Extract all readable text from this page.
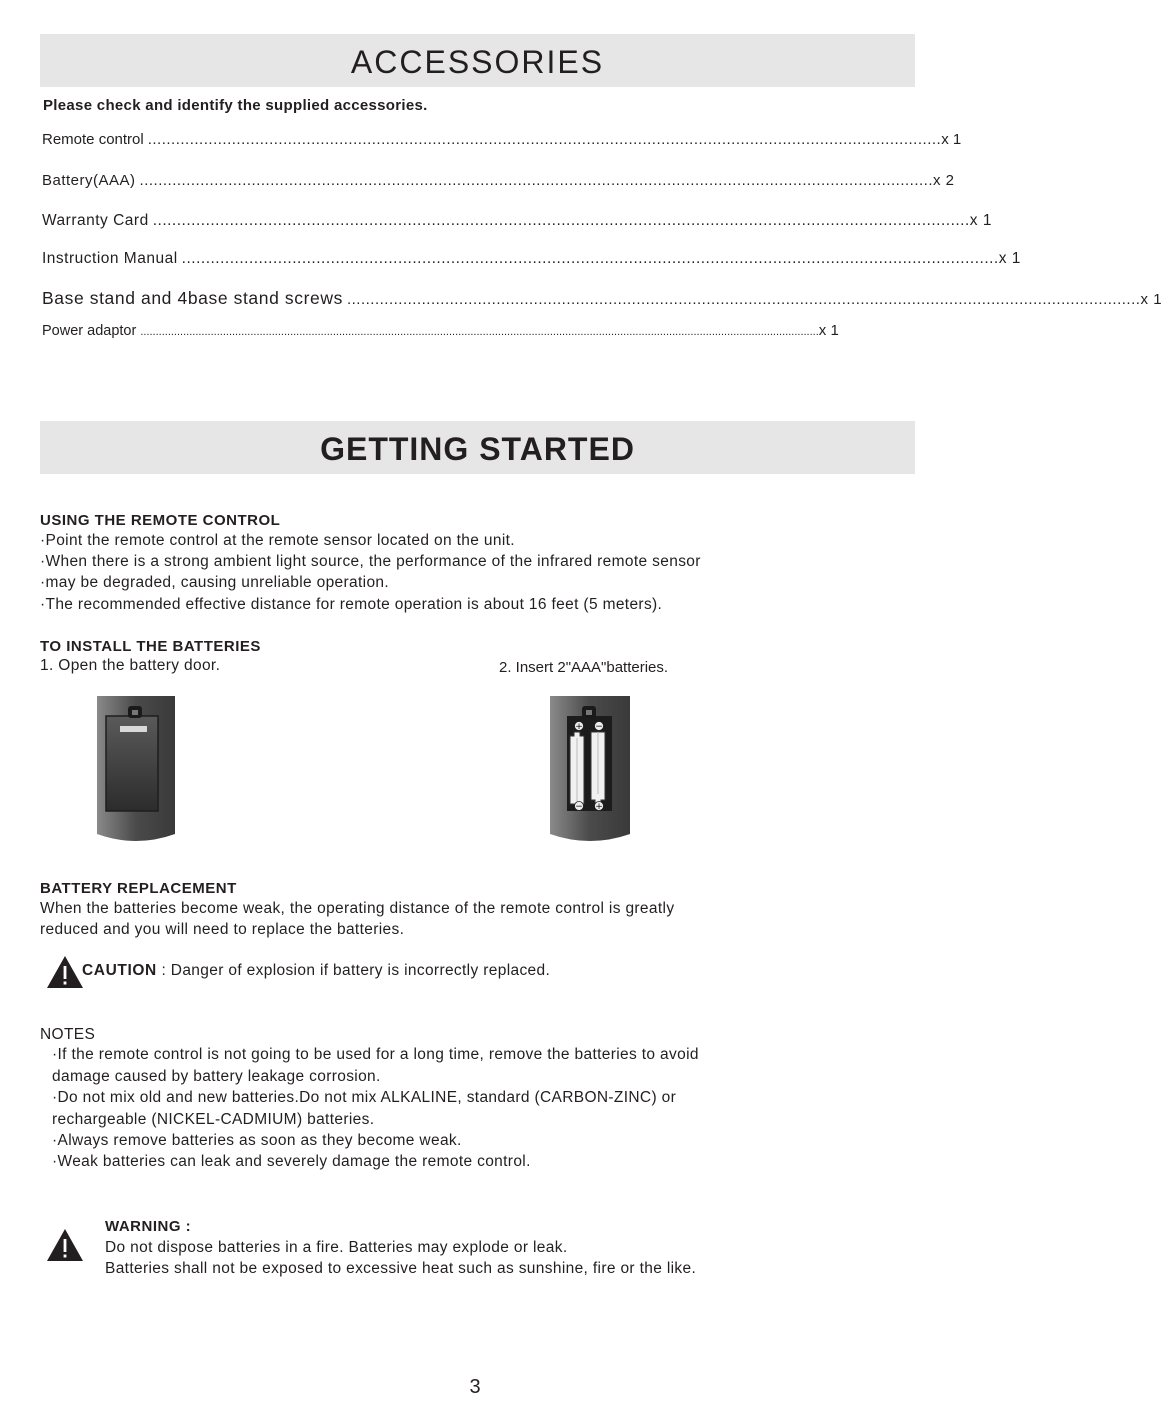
ACCESSORIES
Please check and identify the supplied accessories.
Remote control .......................................................................................................................................................................... x 1
Battery(AAA) .......................................................................................................................................................................... x 2
Warranty Card .......................................................................................................................................................................... x 1
Instruction Manual .......................................................................................................................................................................... x 1
Base stand and 4base stand screws .......................................................................................................................................................................... x 1
Power adaptor .............................................................................................................................................................................................................................. x 1
GETTING STARTED
USING THE REMOTE CONTROL
·Point the remote control at the remote sensor located on the unit.
·When there is a strong ambient light source, the performance of the infrared remote sensor
·may be degraded, causing unreliable operation.
·The recommended effective distance for remote operation is about 16 feet (5 meters).
TO INSTALL THE BATTERIES
1. Open the battery door.	2. Insert 2"AAA"batteries.
+ −
− +
BATTERY REPLACEMENT
When the batteries become weak, the operating distance of the remote control is greatly
reduced and you will need to replace the batteries.
CAUTION : Danger of explosion if battery is incorrectly replaced.
NOTES
·If the remote control is not going to be used for a long time, remove the batteries to avoid
damage caused by battery leakage corrosion.
·Do not mix old and new batteries.Do not mix ALKALINE, standard (CARBON-ZINC) or
rechargeable (NICKEL-CADMIUM) batteries.
·Always remove batteries as soon as they become weak.
·Weak batteries can leak and severely damage the remote control.
WARNING :
Do not dispose batteries in a fire. Batteries may explode or leak.
Batteries shall not be exposed to excessive heat such as sunshine, fire or the like.
3
